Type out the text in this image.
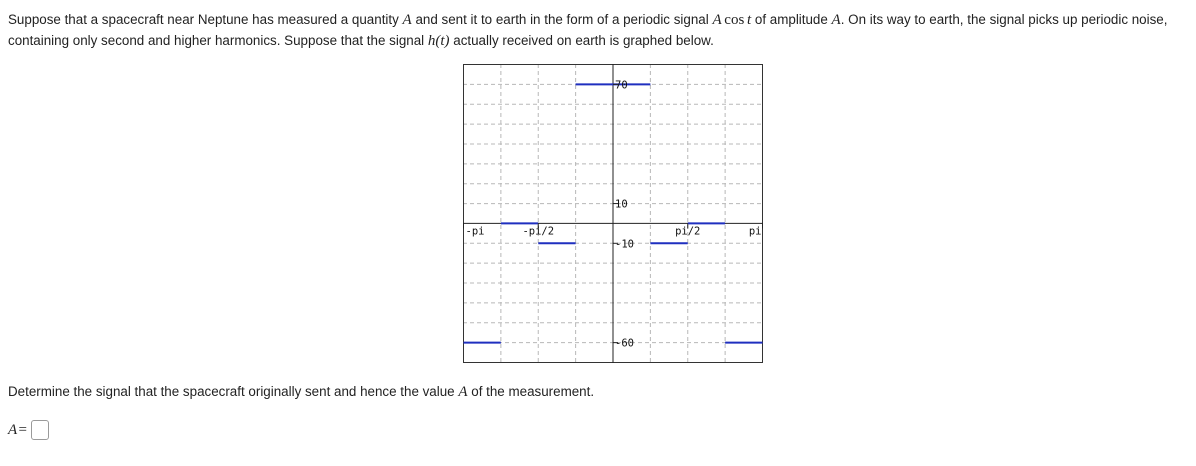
Suppose that a spacecraft near Neptune has measured a quantity A and sent it to earth in the form of a periodic signal A  cos  t of amplitude A. On its way to earth, the signal picks up periodic noise, containing only second and higher harmonics. Suppose that the signal h(t) actually received on earth is graphed below.
-pi	-pi/2	pi/2	pi
70
10
-10
-60
Determine the signal that the spacecraft originally sent and hence the value A of the measurement.
A =
